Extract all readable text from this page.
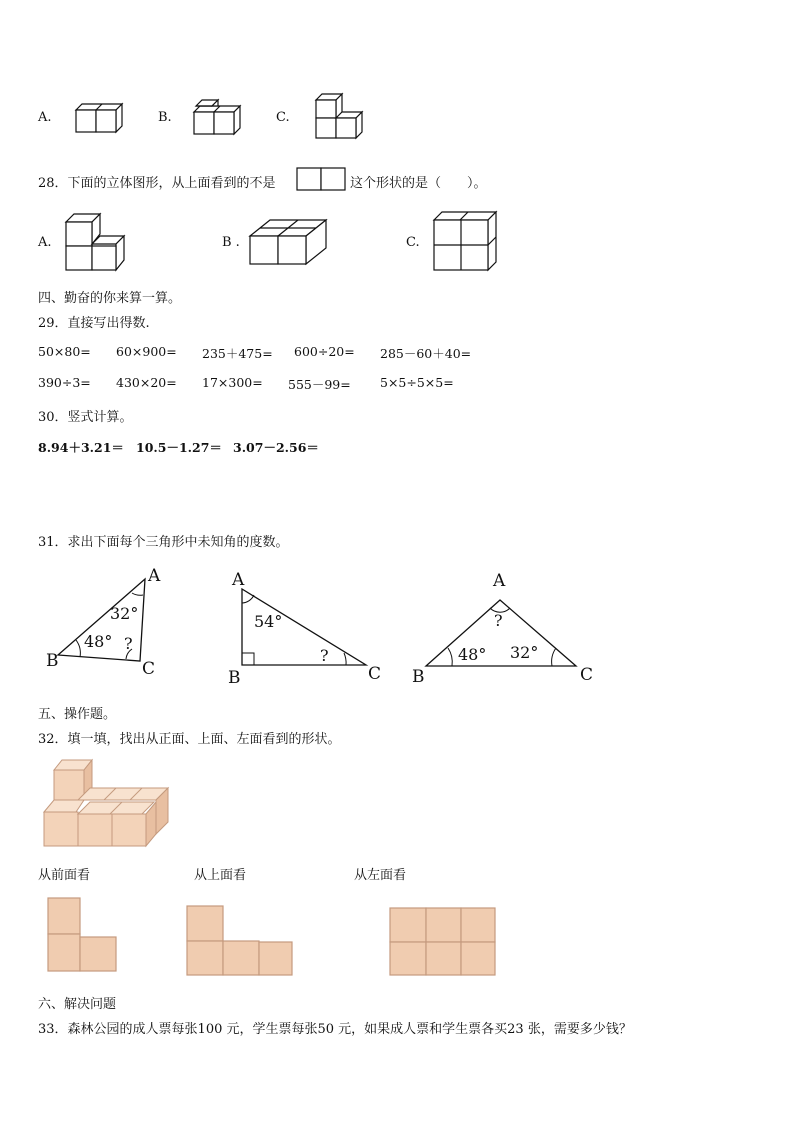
A.	B.	C.
28．下面的立体图形，从上面看到的不是	这个形状的是（　　）。
A.	B .	C.
四、勤奋的你来算一算。
29．直接写出得数.
50×80= 60×900= 235＋475= 600÷20= 285－60＋40=
390÷3= 430×20= 17×300= 555－99= 5×5÷5×5=
30．竖式计算。
8.94＋3.21＝ 10.5－1.27＝ 3.07－2.56＝
31．求出下面每个三角形中未知角的度数。
A
B	C
32°
48° ?
A
B	C
54°
?
A
B	C
?
48° 32°
五、操作题。
32．填一填，找出从正面、上面、左面看到的形状。
从前面看	从上面看	从左面看
六、解决问题
33．森林公园的成人票每张100 元，学生票每张50 元，如果成人票和学生票各买23 张，需要多少钱？
